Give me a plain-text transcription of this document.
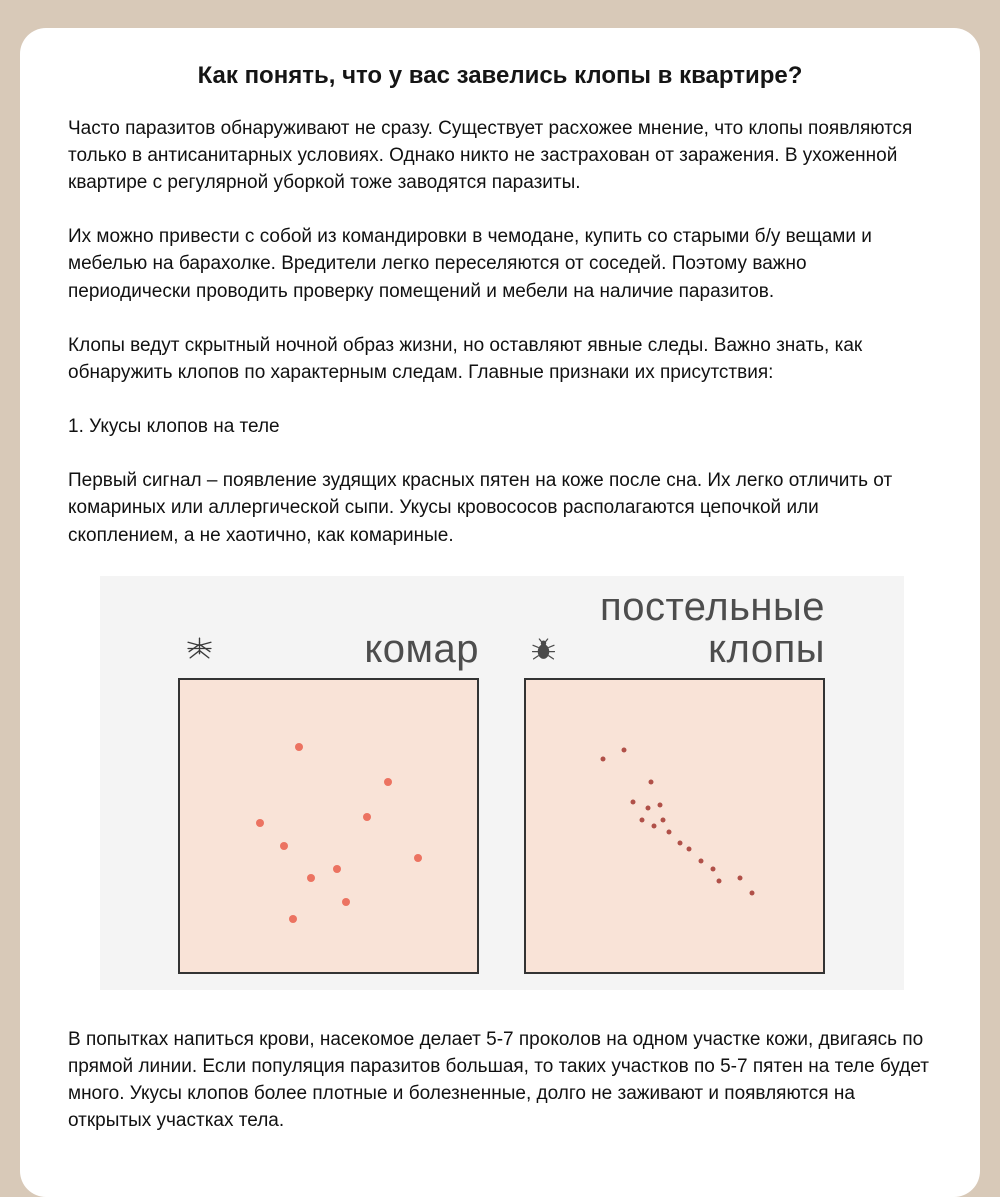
Как понять, что у вас завелись клопы в квартире?

Часто паразитов обнаруживают не сразу. Существует расхожее мнение, что клопы появляются только в антисанитарных условиях. Однако никто не застрахован от заражения. В ухоженной квартире с регулярной уборкой тоже заводятся паразиты.

Их можно привести с собой из командировки в чемодане, купить со старыми б/у вещами и мебелью на барахолке. Вредители легко переселяются от соседей. Поэтому важно периодически проводить проверку помещений и мебели на наличие паразитов.

Клопы ведут скрытный ночной образ жизни, но оставляют явные следы. Важно знать, как обнаружить клопов по характерным следам. Главные признаки их присутствия:

1. Укусы клопов на теле

Первый сигнал – появление зудящих красных пятен на коже после сна. Их легко отличить от комариных или аллергической сыпи. Укусы кровососов располагаются цепочкой или скоплением, а не хаотично, как комариные.

комар
постельные клопы

В попытках напиться крови, насекомое делает 5-7 проколов на одном участке кожи, двигаясь по прямой линии. Если популяция паразитов большая, то таких участков по 5-7 пятен на теле будет много. Укусы клопов более плотные и болезненные, долго не заживают и появляются на открытых участках тела.
